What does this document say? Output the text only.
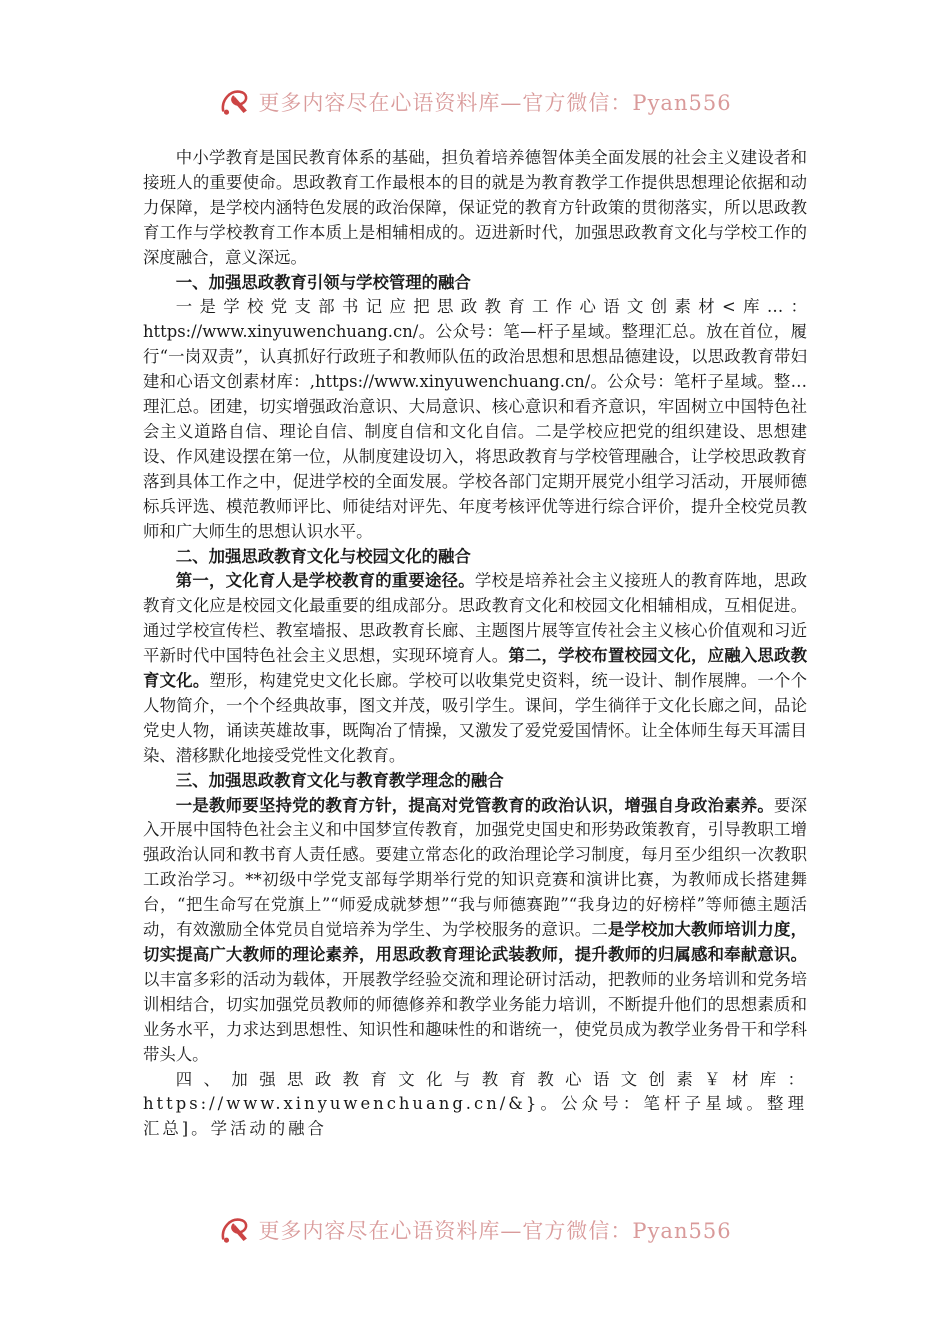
更多内容尽在心语资料库—官方微信：Pyan556

中小学教育是国民教育体系的基础，担负着培养德智体美全面发展的社会主义建设者和接班人的重要使命。思政教育工作最根本的目的就是为教育教学工作提供思想理论依据和动力保障，是学校内涵特色发展的政治保障，保证党的教育方针政策的贯彻落实，所以思政教育工作与学校教育工作本质上是相辅相成的。迈进新时代，加强思政教育文化与学校工作的深度融合，意义深远。

一、加强思政教育引领与学校管理的融合

一是学校党支部书记应把思政教育工作心语文创素材<库…：https://www.xinyuwenchuang.cn/。公众号：笔—杆子星域。整理汇总。放在首位，履行“一岗双责”，认真抓好行政班子和教师队伍的政治思想和思想品德建设，以思政教育带妇建和心语文创素材库：,https://www.xinyuwenchuang.cn/。公众号：笔杆子星域。整…理汇总。团建，切实增强政治意识、大局意识、核心意识和看齐意识，牢固树立中国特色社会主义道路自信、理论自信、制度自信和文化自信。二是学校应把党的组织建设、思想建设、作风建设摆在第一位，从制度建设切入，将思政教育与学校管理融合，让学校思政教育落到具体工作之中，促进学校的全面发展。学校各部门定期开展党小组学习活动，开展师德标兵评选、模范教师评比、师徒结对评先、年度考核评优等进行综合评价，提升全校党员教师和广大师生的思想认识水平。

二、加强思政教育文化与校园文化的融合

第一，文化育人是学校教育的重要途径。学校是培养社会主义接班人的教育阵地，思政教育文化应是校园文化最重要的组成部分。思政教育文化和校园文化相辅相成，互相促进。通过学校宣传栏、教室墙报、思政教育长廊、主题图片展等宣传社会主义核心价值观和习近平新时代中国特色社会主义思想，实现环境育人。第二，学校布置校园文化，应融入思政教育文化。塑形，构建党史文化长廊。学校可以收集党史资料，统一设计、制作展牌。一个个人物简介，一个个经典故事，图文并茂，吸引学生。课间，学生徜徉于文化长廊之间，品论党史人物，诵读英雄故事，既陶冶了情操，又激发了爱党爱国情怀。让全体师生每天耳濡目染、潜移默化地接受党性文化教育。

三、加强思政教育文化与教育教学理念的融合

一是教师要坚持党的教育方针，提高对党管教育的政治认识，增强自身政治素养。要深入开展中国特色社会主义和中国梦宣传教育，加强党史国史和形势政策教育，引导教职工增强政治认同和教书育人责任感。要建立常态化的政治理论学习制度，每月至少组织一次教职工政治学习。**初级中学党支部每学期举行党的知识竞赛和演讲比赛，为教师成长搭建舞台，“把生命写在党旗上”“师爱成就梦想”“我与师德赛跑”“我身边的好榜样”等师德主题活动，有效激励全体党员自觉培养为学生、为学校服务的意识。二是学校加大教师培训力度，切实提高广大教师的理论素养，用思政教育理论武装教师，提升教师的归属感和奉献意识。以丰富多彩的活动为载体，开展教学经验交流和理论研讨活动，把教师的业务培训和党务培训相结合，切实加强党员教师的师德修养和教学业务能力培训，不断提升他们的思想素质和业务水平，力求达到思想性、知识性和趣味性的和谐统一，使党员成为教学业务骨干和学科带头人。

四、加强思政教育文化与教育教心语文创素￥材库：https://www.xinyuwenchuang.cn/&}。公众号：笔杆子星域。整理汇总]。学活动的融合

更多内容尽在心语资料库—官方微信：Pyan556
